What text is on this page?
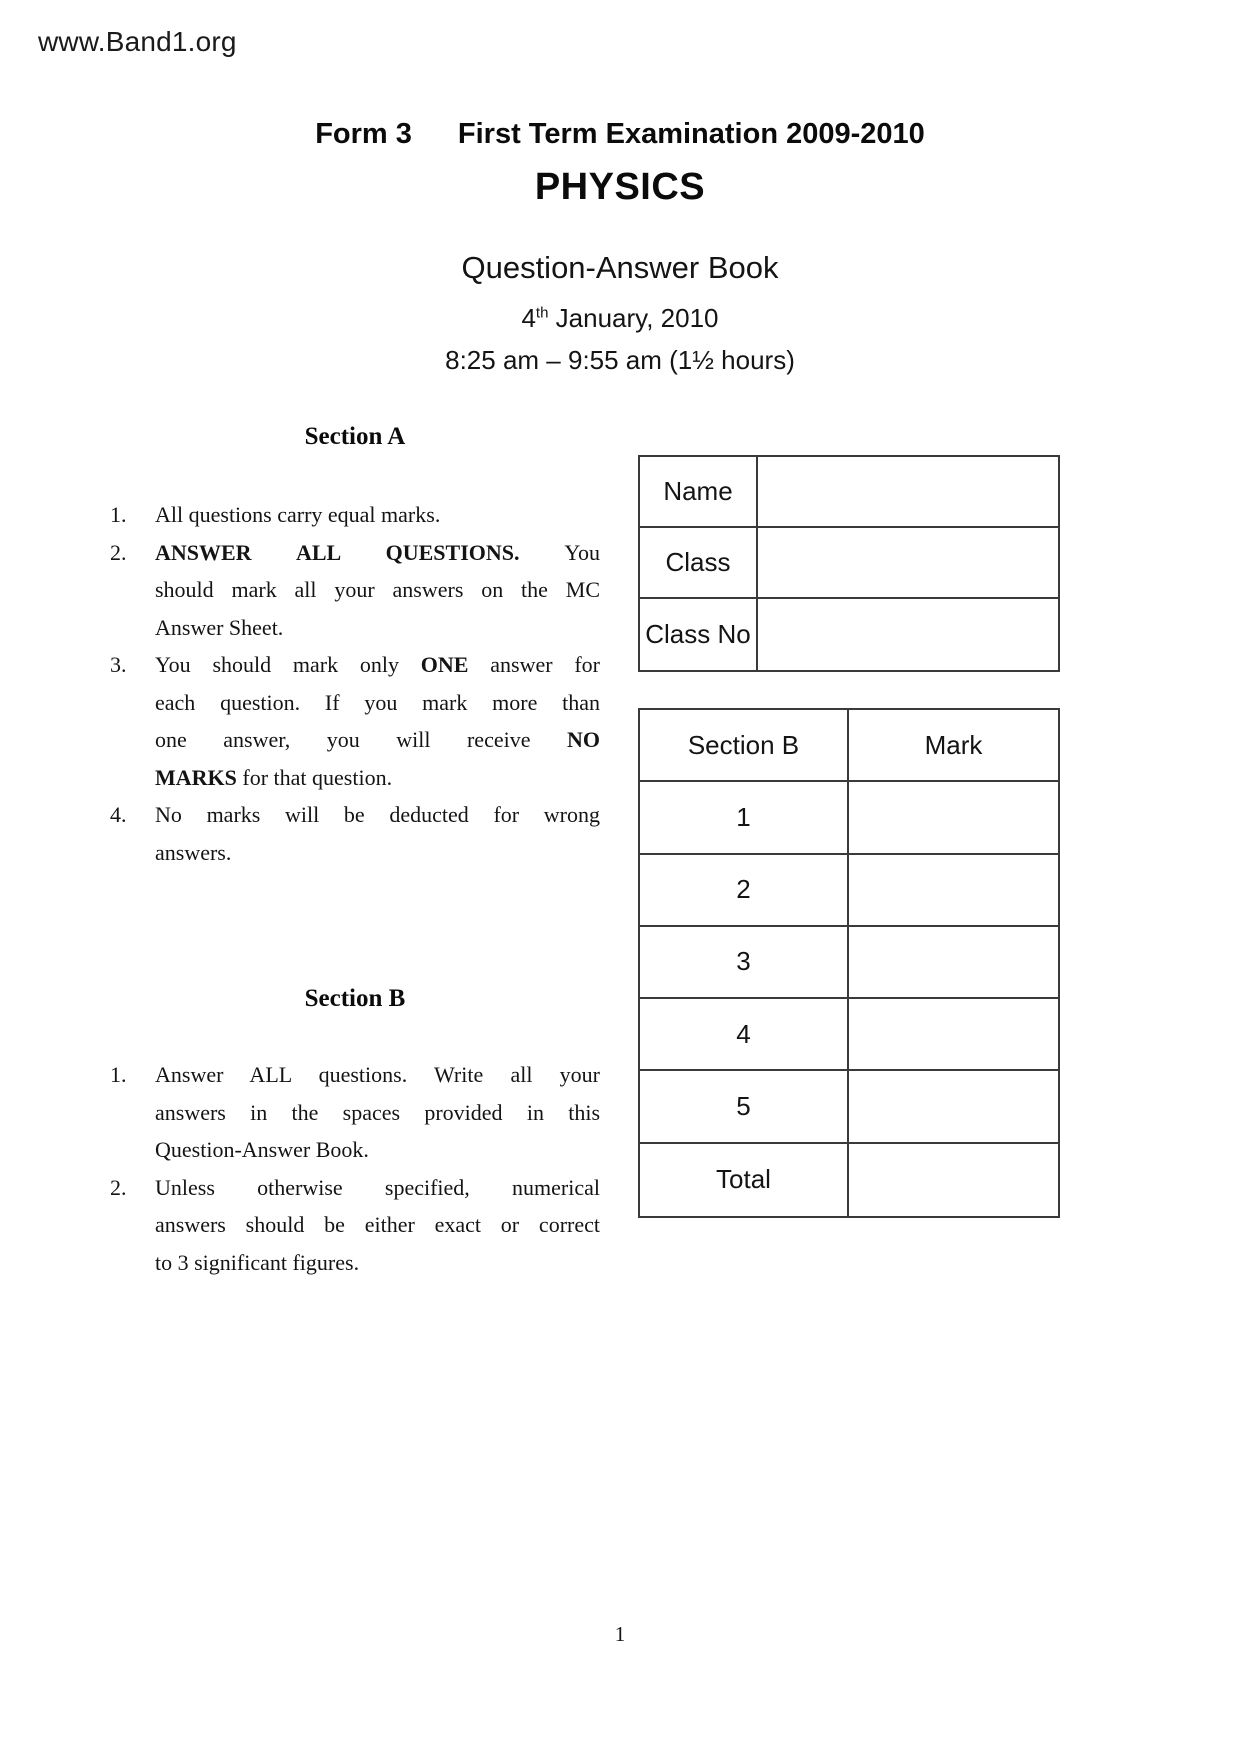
www.Band1.org
Form 3 First Term Examination 2009-2010
PHYSICS
Question-Answer Book
4th January, 2010
8:25 am – 9:55 am (1½ hours)
Section A
1. All questions carry equal marks.
2. ANSWER ALL QUESTIONS. You
should mark all your answers on the MC
Answer Sheet.
3. You should mark only ONE answer for
each question. If you mark more than
one answer, you will receive NO
MARKS for that question.
4. No marks will be deducted for wrong
answers.
Section B
1. Answer ALL questions. Write all your
answers in the spaces provided in this
Question-Answer Book.
2. Unless otherwise specified, numerical
answers should be either exact or correct
to 3 significant figures.
Name
Class
Class No
Section B	Mark
1
2
3
4
5
Total
1
